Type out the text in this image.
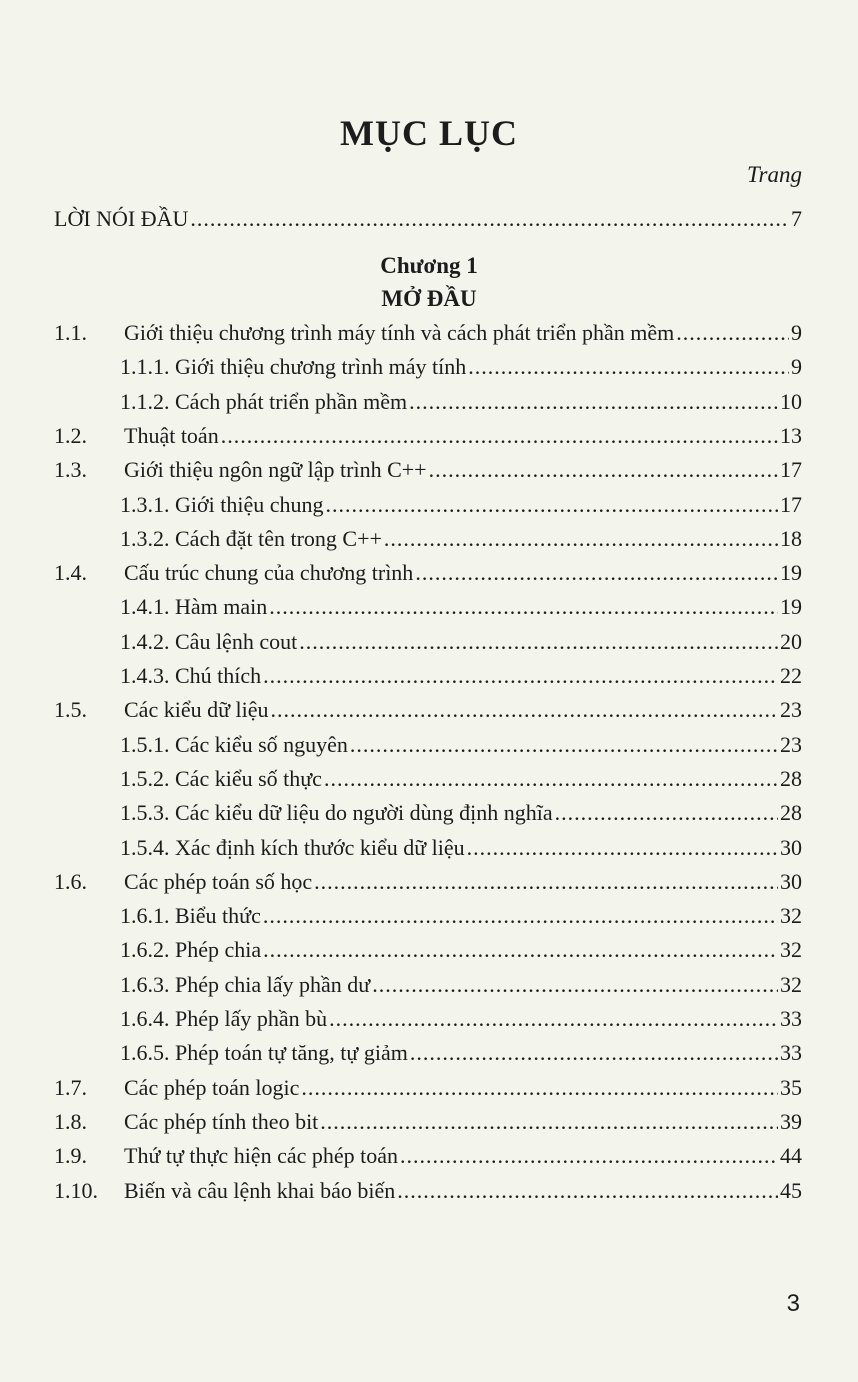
MỤC LỤC
Trang
LỜI NÓI ĐẦU .....	7
Chương 1
MỞ ĐẦU
1.1.	Giới thiệu chương trình máy tính và cách phát triển phần mềm .....	9
1.1.1. Giới thiệu chương trình máy tính .....	9
1.1.2. Cách phát triển phần mềm .....	10
1.2.	Thuật toán .....	13
1.3.	Giới thiệu ngôn ngữ lập trình C++ .....	17
1.3.1. Giới thiệu chung .....	17
1.3.2. Cách đặt tên trong C++ .....	18
1.4.	Cấu trúc chung của chương trình .....	19
1.4.1. Hàm main .....	19
1.4.2. Câu lệnh cout .....	20
1.4.3. Chú thích .....	22
1.5.	Các kiểu dữ liệu .....	23
1.5.1. Các kiểu số nguyên .....	23
1.5.2. Các kiểu số thực .....	28
1.5.3. Các kiểu dữ liệu do người dùng định nghĩa .....	28
1.5.4. Xác định kích thước kiểu dữ liệu .....	30
1.6.	Các phép toán số học .....	30
1.6.1. Biểu thức .....	32
1.6.2. Phép chia .....	32
1.6.3. Phép chia lấy phần dư .....	32
1.6.4. Phép lấy phần bù .....	33
1.6.5. Phép toán tự tăng, tự giảm .....	33
1.7.	Các phép toán logic .....	35
1.8.	Các phép tính theo bit .....	39
1.9.	Thứ tự thực hiện các phép toán .....	44
1.10.	Biến và câu lệnh khai báo biến .....	45
3
